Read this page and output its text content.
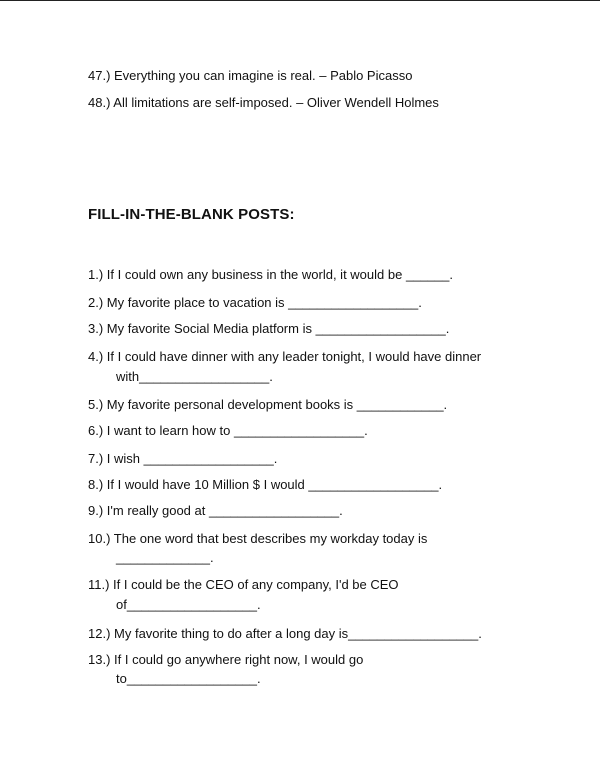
47.) Everything you can imagine is real. – Pablo Picasso
48.) All limitations are self-imposed. – Oliver Wendell Holmes
FILL-IN-THE-BLANK POSTS:
1.) If I could own any business in the world, it would be ______.
2.) My favorite place to vacation is __________________.
3.) My favorite Social Media platform is __________________.
4.) If I could have dinner with any leader tonight, I would have dinner
with__________________.
5.) My favorite personal development books is ____________.
6.) I want to learn how to __________________.
7.) I wish __________________.
8.) If I would have 10 Million $ I would __________________.
9.) I'm really good at __________________.
10.) The one word that best describes my workday today is
_____________.
11.) If I could be the CEO of any company, I'd be CEO
of__________________.
12.) My favorite thing to do after a long day is__________________.
13.) If I could go anywhere right now, I would go
to__________________.
